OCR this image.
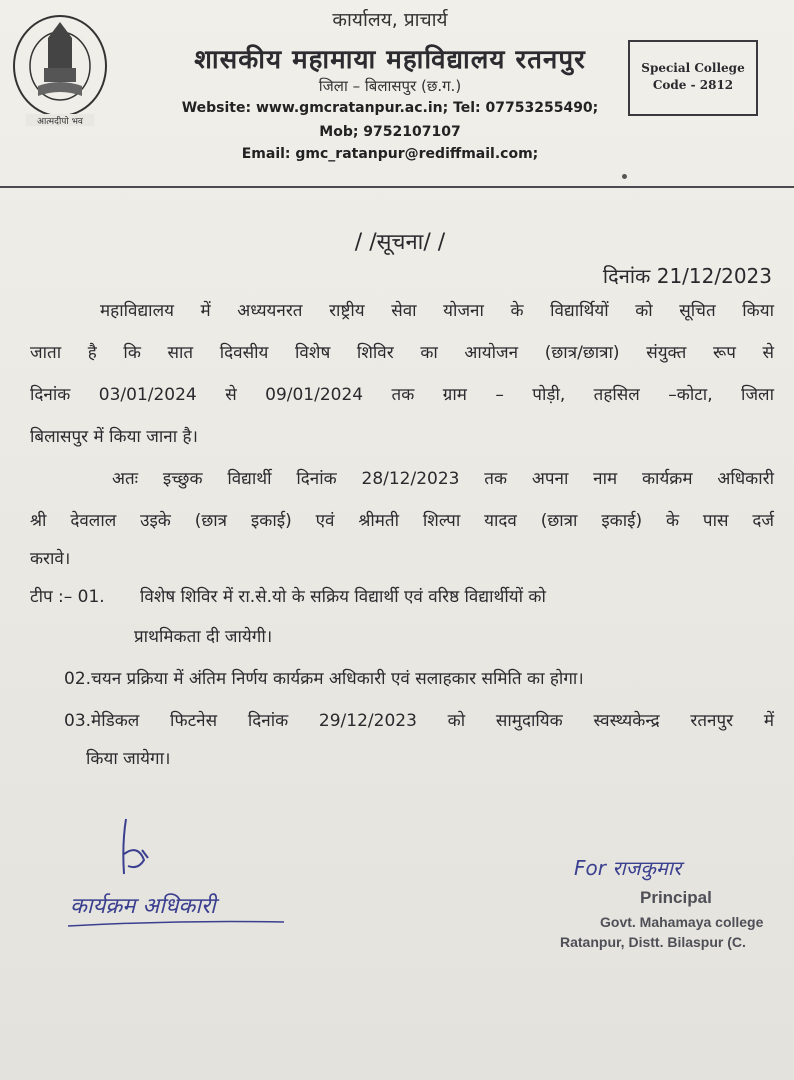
आत्मदीपो भव

कार्यालय, प्राचार्य

शासकीय महामाया महाविद्यालय रतनपुर

जिला – बिलासपुर (छ.ग.)

Website: www.gmcratanpur.ac.in; Tel: 07753255490;

Mob; 9752107107

Email: gmc_ratanpur@rediffmail.com;

Special College
Code - 2812

/ /सूचना/ /

दिनांक 21/12/2023
महाविद्यालय में अध्ययनरत राष्ट्रीय सेवा योजना के विद्यार्थियों को सूचित किया
जाता है कि सात दिवसीय विशेष शिविर का आयोजन (छात्र/छात्रा) संयुक्त रूप से
दिनांक 03/01/2024 से 09/01/2024 तक ग्राम – पोड़ी, तहसिल –कोटा, जिला
बिलासपुर में किया जाना है।
अतः इच्छुक विद्यार्थी दिनांक 28/12/2023 तक अपना नाम कार्यक्रम अधिकारी
श्री देवलाल उइके (छात्र इकाई) एवं श्रीमती शिल्पा यादव (छात्रा इकाई) के पास दर्ज
करावे।
टीप :– 01. विशेष शिविर में रा.से.यो के सक्रिय विद्यार्थी एवं वरिष्ठ विद्यार्थीयों को
प्राथमिकता दी जायेगी।
02.चयन प्रक्रिया में अंतिम निर्णय कार्यक्रम अधिकारी एवं सलाहकार समिति का होगा।
03.मेडिकल फिटनेस दिनांक 29/12/2023 को सामुदायिक स्वस्थ्यकेन्द्र रतनपुर में
किया जायेगा।
कार्यक्रम अधिकारी
For राजकुमार
Principal
Govt. Mahamaya college
Ratanpur, Distt. Bilaspur (C.
